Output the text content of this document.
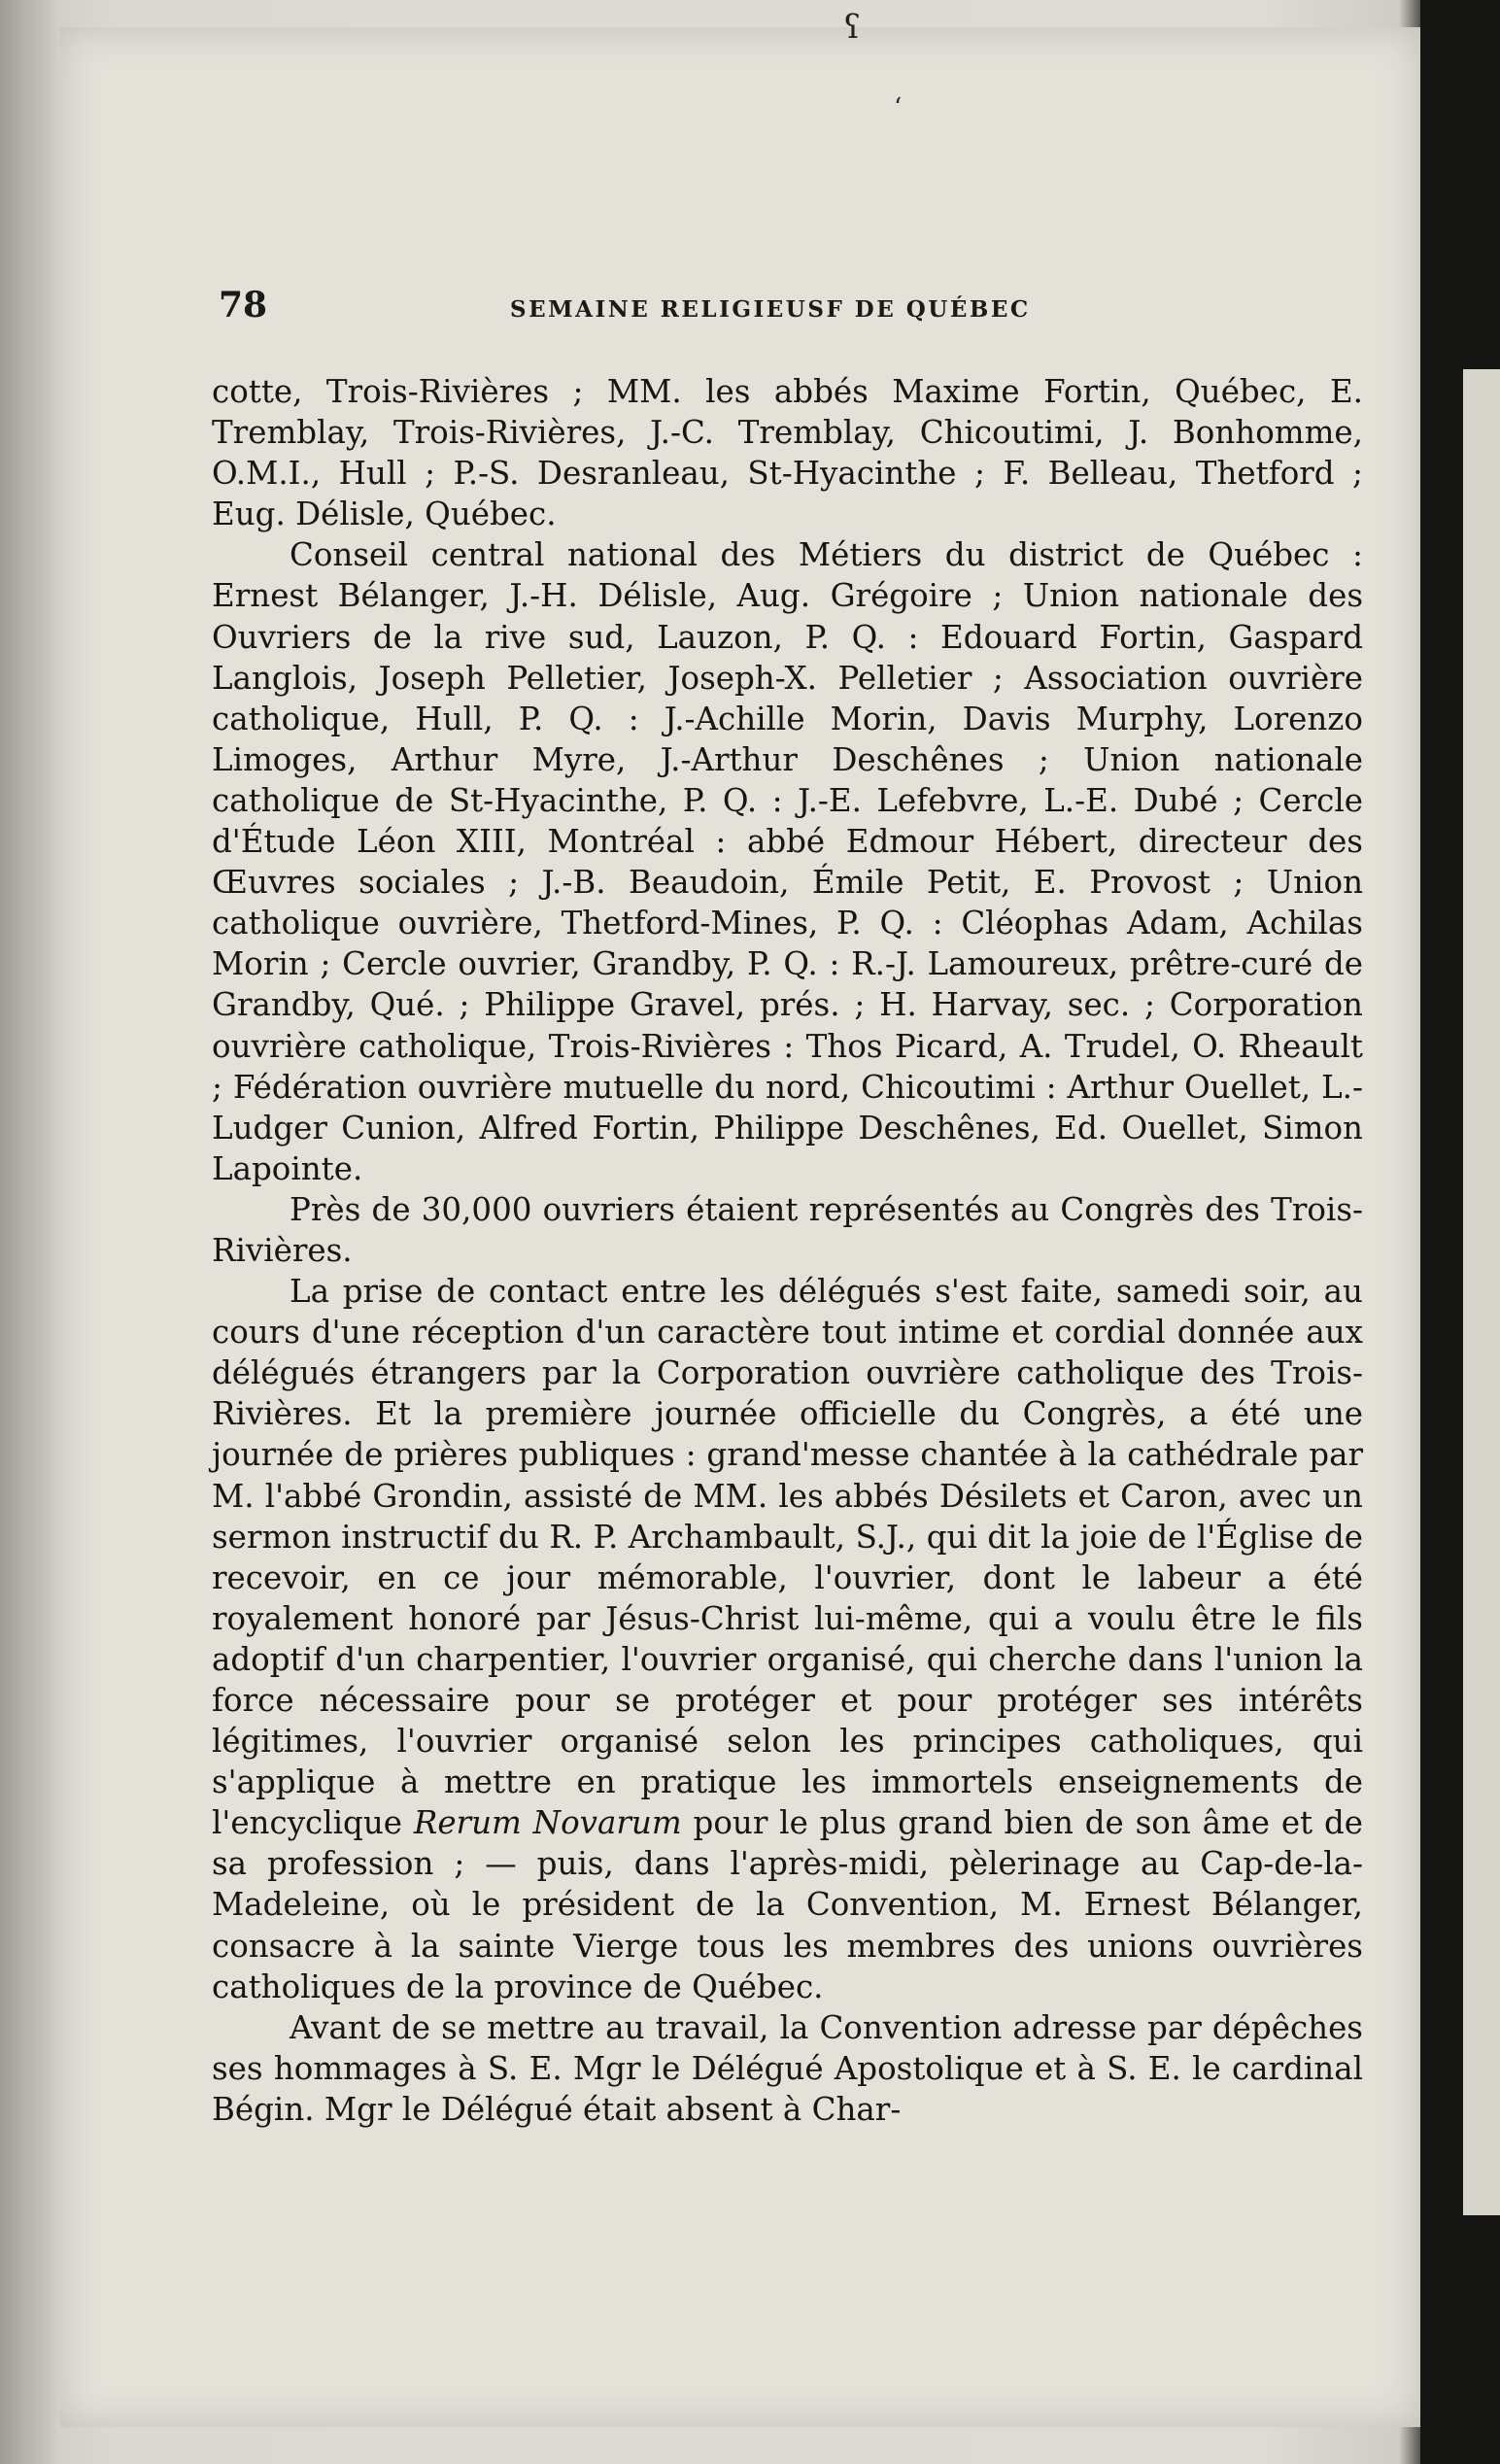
ʕ
ʻ
78	SEMAINE RELIGIEUSF DE QUÉBEC

cotte, Trois-Rivières ; MM. les abbés Maxime Fortin, Québec, E. Tremblay, Trois-Rivières, J.-C. Tremblay, Chicoutimi, J. Bonhomme, O.M.I., Hull ; P.-S. Desranleau, St-Hyacinthe ; F. Belleau, Thetford ; Eug. Délisle, Québec.

Conseil central national des Métiers du district de Québec : Ernest Bélanger, J.-H. Délisle, Aug. Grégoire ; Union nationale des Ouvriers de la rive sud, Lauzon, P. Q. : Edouard Fortin, Gaspard Langlois, Joseph Pelletier, Joseph-X. Pelletier ; Association ouvrière catholique, Hull, P. Q. : J.-Achille Morin, Davis Murphy, Lorenzo Limoges, Arthur Myre, J.-Arthur Deschênes ; Union nationale catholique de St-Hyacinthe, P. Q. : J.-E. Lefebvre, L.-E. Dubé ; Cercle d'Étude Léon XIII, Montréal : abbé Edmour Hébert, directeur des Œuvres sociales ; J.-B. Beaudoin, Émile Petit, E. Provost ; Union catholique ouvrière, Thetford-Mines, P. Q. : Cléophas Adam, Achilas Morin ; Cercle ouvrier, Grandby, P. Q. : R.-J. Lamoureux, prêtre-curé de Grandby, Qué. ; Philippe Gravel, prés. ; H. Harvay, sec. ; Corporation ouvrière catholique, Trois-Rivières : Thos Picard, A. Trudel, O. Rheault ; Fédération ouvrière mutuelle du nord, Chicoutimi : Arthur Ouellet, L.-Ludger Cunion, Alfred Fortin, Philippe Deschênes, Ed. Ouellet, Simon Lapointe.

Près de 30,000 ouvriers étaient représentés au Congrès des Trois-Rivières.

La prise de contact entre les délégués s'est faite, samedi soir, au cours d'une réception d'un caractère tout intime et cordial donnée aux délégués étrangers par la Corporation ouvrière catholique des Trois-Rivières. Et la première journée officielle du Congrès, a été une journée de prières publiques : grand'messe chantée à la cathédrale par M. l'abbé Grondin, assisté de MM. les abbés Désilets et Caron, avec un sermon instructif du R. P. Archambault, S.J., qui dit la joie de l'Église de recevoir, en ce jour mémorable, l'ouvrier, dont le labeur a été royalement honoré par Jésus-Christ lui-même, qui a voulu être le fils adoptif d'un charpentier, l'ouvrier organisé, qui cherche dans l'union la force nécessaire pour se protéger et pour protéger ses intérêts légitimes, l'ouvrier organisé selon les principes catholiques, qui s'applique à mettre en pratique les immortels enseignements de l'encyclique Rerum Novarum pour le plus grand bien de son âme et de sa profession ; — puis, dans l'après-midi, pèlerinage au Cap-de-la-Madeleine, où le président de la Convention, M. Ernest Bélanger, consacre à la sainte Vierge tous les membres des unions ouvrières catholiques de la province de Québec.

Avant de se mettre au travail, la Convention adresse par dépêches ses hommages à S. E. Mgr le Délégué Apostolique et à S. E. le cardinal Bégin. Mgr le Délégué était absent à Char-
